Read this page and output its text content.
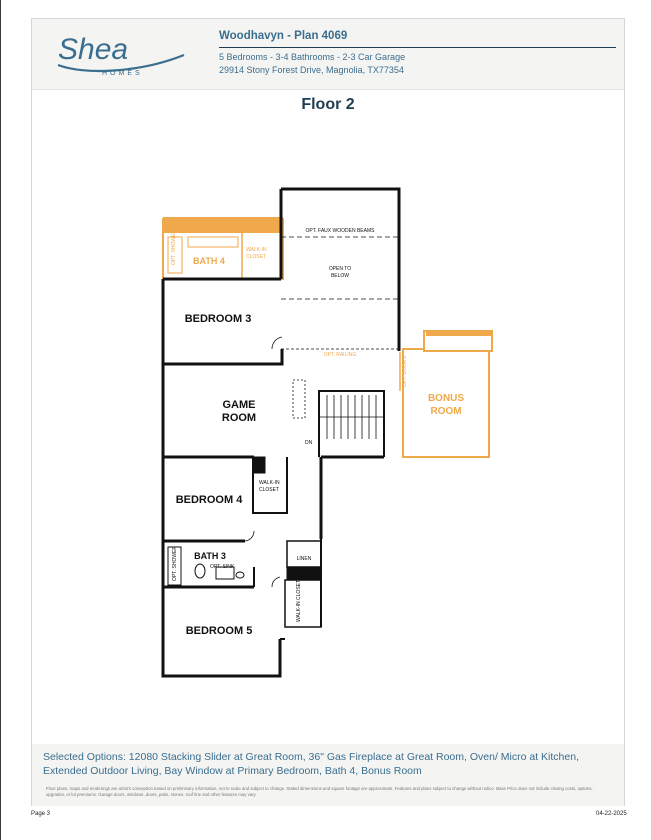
Shea
HOMES
Woodhavyn - Plan 4069
5 Bedrooms - 3-4 Bathrooms - 2-3 Car Garage
29914 Stony Forest Drive, Magnolia, TX77354
Floor 2
OPT. SHOWER BATH 4
WALK-IN
CLOSET
OPT. DOORS
BONUS
ROOM
BEDROOM 3
GAME
ROOM
BEDROOM 4
BATH 3
OPT. SINK
OPT. SHOWER
BEDROOM 5
WALK-IN
CLOSET
WALK-IN CLOSET
LINEN
OPEN TO
BELOW
OPT. FAUX WOODEN BEAMS
OPT. RAILING
DN
Selected Options: 12080 Stacking Slider at Great Room, 36" Gas Fireplace at Great Room, Oven/ Micro at Kitchen, Extended Outdoor Living, Bay Window at Primary Bedroom, Bath 4, Bonus Room
Floor plans, maps and renderings are artist's conception based on preliminary information, not to scale and subject to change. Stated dimensions and square footage are approximate. Features and plans subject to change without notice. Base Price does not include closing costs, options, upgrades, or lot premiums. Garage doors, windows, doors, patio, stones, roof line and other features may vary.
Page 3	04-22-2025
